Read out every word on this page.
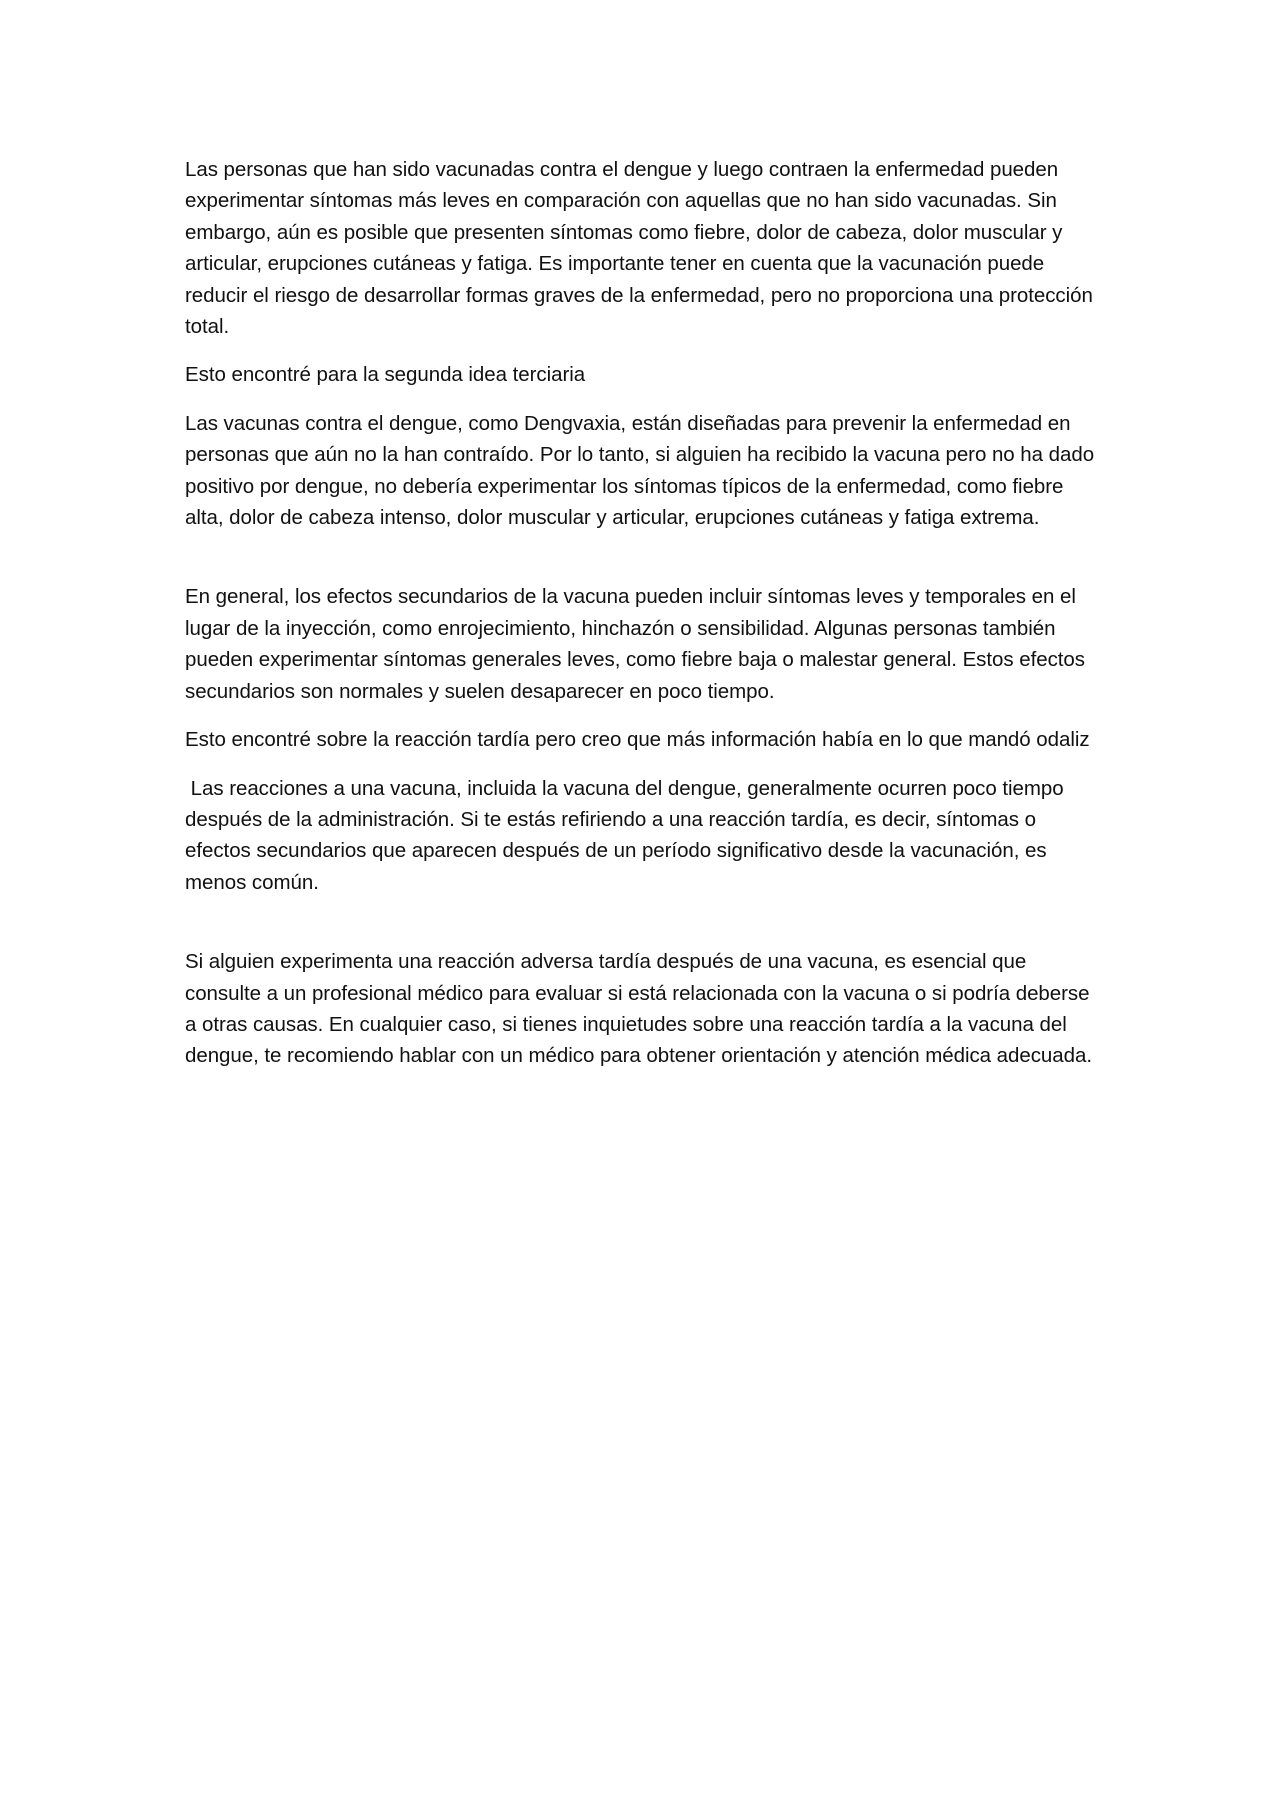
Las personas que han sido vacunadas contra el dengue y luego contraen la enfermedad pueden experimentar síntomas más leves en comparación con aquellas que no han sido vacunadas. Sin embargo, aún es posible que presenten síntomas como fiebre, dolor de cabeza, dolor muscular y articular, erupciones cutáneas y fatiga. Es importante tener en cuenta que la vacunación puede reducir el riesgo de desarrollar formas graves de la enfermedad, pero no proporciona una protección total.

Esto encontré para la segunda idea terciaria

Las vacunas contra el dengue, como Dengvaxia, están diseñadas para prevenir la enfermedad en personas que aún no la han contraído. Por lo tanto, si alguien ha recibido la vacuna pero no ha dado positivo por dengue, no debería experimentar los síntomas típicos de la enfermedad, como fiebre alta, dolor de cabeza intenso, dolor muscular y articular, erupciones cutáneas y fatiga extrema.

En general, los efectos secundarios de la vacuna pueden incluir síntomas leves y temporales en el lugar de la inyección, como enrojecimiento, hinchazón o sensibilidad. Algunas personas también pueden experimentar síntomas generales leves, como fiebre baja o malestar general. Estos efectos secundarios son normales y suelen desaparecer en poco tiempo.

Esto encontré sobre la reacción tardía pero creo que más información había en lo que mandó odaliz

Las reacciones a una vacuna, incluida la vacuna del dengue, generalmente ocurren poco tiempo después de la administración. Si te estás refiriendo a una reacción tardía, es decir, síntomas o efectos secundarios que aparecen después de un período significativo desde la vacunación, es menos común.

Si alguien experimenta una reacción adversa tardía después de una vacuna, es esencial que consulte a un profesional médico para evaluar si está relacionada con la vacuna o si podría deberse a otras causas. En cualquier caso, si tienes inquietudes sobre una reacción tardía a la vacuna del dengue, te recomiendo hablar con un médico para obtener orientación y atención médica adecuada.
